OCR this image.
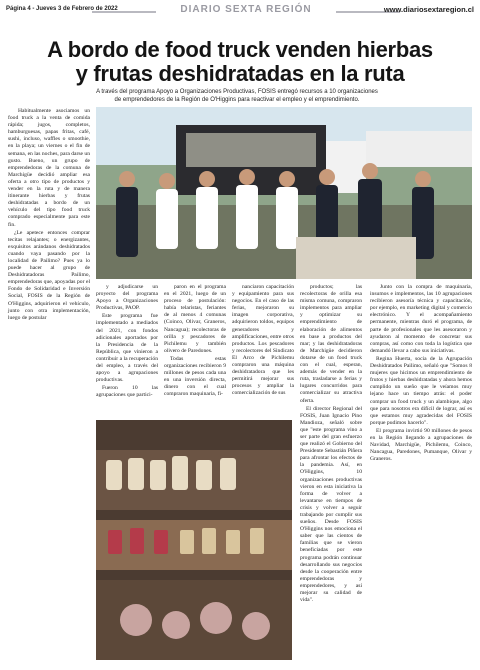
Página 4 - Jueves 3 de Febrero de 2022	DIARIO SEXTA REGIÓN	www.diariosextaregion.cl
A bordo de food truck venden hierbas
y frutas deshidratadas en la ruta
A través del programa Apoyo a Organizaciones Productivas, FOSIS entregó recursos a 10 organizaciones
de emprendedores de la Región de O'Higgins para reactivar el empleo y el emprendimiento.

Habitualmente asociamos un food truck a la venta de comida rápida; jugos, completos, hamburguesas, papas fritas, café, sushi, incluso, waffles o smoothie, en la playa; un viernes o el fin de semana, en las noches, para darse un gusto. Bueno, un grupo de emprendedoras de la comuna de Marchigüe decidió ampliar esa oferta a otro tipo de productos y vender en la ruta y de manera itinerante hierbas y frutas deshidratadas a bordo de un vehículo del tipo food truck comprado especialmente para este fin.

¿Le apetece entonces comprar tecitas relajantes; o energizantes, exquisitos arándanos deshidratados cuando vaya pasando por la localidad de Pailimo? Pues ya lo puede hacer al grupo de Deshidratadoras Pailimo, emprendedoras que, apoyadas por el Fondo de Solidaridad e Inversión Social, FOSIS de la Región de O'Higgins, adquirieron el vehículo, junto con otra implementación, luego de postular

y adjudicarse un proyecto del programa Apoyo a Organizaciones Productivas, PAOP.

Este programa fue implementado a mediados del 2021, con fondos adicionales aportados por la Presidencia de la República, que vinieron a contribuir a la recuperación del empleo, a través del apoyo a agrupaciones productivas.

Fueron 10 las agrupaciones que partici-

paron en el programa en el 2021, luego de un proceso de postulación: había telaristas, feriantes de al menos 4 comunas (Coinco, Olivar, Graneros, Nancagua); recolectoras de orilla y pescadores de Pichilemu y también olivero de Paredones.

Todas estas organizaciones recibieron 9 millones de pesos cada una en una inversión directa, dinero con el cual compraron maquinaria, fi-

nanciaron capacitación y equipamiento para sus negocios. En el caso de las ferias, mejoraron su imagen corporativa, adquirieron toldos, equipos generadores y amplificaciones, entre otros productos. Los pescadores y recolectores del Sindicato El Arco de Pichilemu compraron una máquina deshidratadora que les permitirá mejorar sus procesos y ampliar la comercialización de sus

productos; las recolectoras de orilla esa misma comuna, compraron implementos para ampliar y optimizar su emprendimiento de elaboración de alimentos en base a productos del mar; y las deshidratadoras de Marchigüe decidieron dotarse de un food truck con el cual, esperan, además de vender en la ruta, trasladarse a ferias y lugares concurridos para comercializar su atractiva oferta.

El director Regional del FOSIS, Juan Ignacio Pino Mandioza, señaló sobre que "este programa vino a ser parte del gran esfuerzo que realizó el Gobierno del Presidente Sebastián Piñera para afrontar los efectos de la pandemia. Así, en O'Higgins, 10 organizaciones productivas vieron en esta iniciativa la forma de volver a levantarse en tiempos de crisis y volver a seguir trabajando por cumplir sus sueños. Desde FOSIS O'Higgins nos emociona el saber que las cientos de familias que se vieron beneficiadas por este programa podrán continuar desarrollando sus negocios desde la cooperación entre emprendedoras y emprendedores, y así mejorar su calidad de vida".

Junto con la compra de maquinaria, insumos e implementos, las 10 agrupaciones recibieron asesoría técnica y capacitación, por ejemplo, en marketing digital y comercio electrónico. Y el acompañamiento permanente, mientras duró el programa, de parte de profesionales que les asesoraron y ayudaron al momento de concretar sus compras, así como con toda la logística que demandó llevar a cabo sus iniciativas.

Regina Huerta, socia de la Agrupación Deshidratados Pailimo, señaló que "Somos 8 mujeres que hicimos un emprendimiento de frutos y hierbas deshidratadas y ahora hemos cumplido un sueño que le veíamos muy lejano hace un tiempo atrás: el poder comprar un food truck y un alambique, algo que para nosotros era difícil de lograr, así es que estamos muy agradecidas del FOSIS porque pudimos hacerlo".

El programa invirtió 90 millones de pesos en la Región llegando a agrupaciones de Navidad, Marchigüe, Pichilemu, Coinco, Nancagua, Paredones, Pumanque, Olivar y Graneros.
